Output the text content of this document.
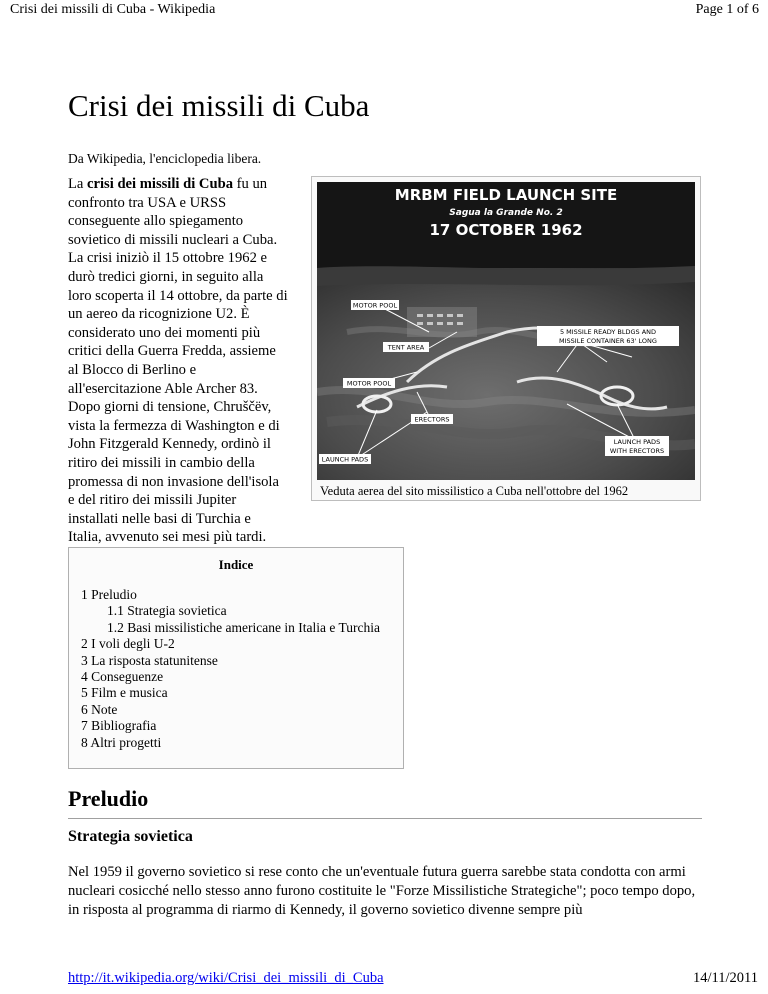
Crisi dei missili di Cuba - Wikipedia	Page 1 of 6
Crisi dei missili di Cuba
Da Wikipedia, l'enciclopedia libera.
La crisi dei missili di Cuba fu un confronto tra USA e URSS conseguente allo spiegamento sovietico di missili nucleari a Cuba. La crisi iniziò il 15 ottobre 1962 e durò tredici giorni, in seguito alla loro scoperta il 14 ottobre, da parte di un aereo da ricognizione U2. È considerato uno dei momenti più critici della Guerra Fredda, assieme al Blocco di Berlino e all'esercitazione Able Archer 83. Dopo giorni di tensione, Chruščëv, vista la fermezza di Washington e di John Fitzgerald Kennedy, ordinò il ritiro dei missili in cambio della promessa di non invasione dell'isola e del ritiro dei missili Jupiter installati nelle basi di Turchia e Italia, avvenuto sei mesi più tardi.
MRBM FIELD LAUNCH SITE
Sagua la Grande No. 2
17 OCTOBER 1962
MOTOR POOL
TENT AREA
MOTOR POOL
ERECTORS
LAUNCH PADS
5 MISSILE READY BLDGS AND
MISSILE CONTAINER 63' LONG
LAUNCH PADS
WITH ERECTORS
Veduta aerea del sito missilistico a Cuba nell'ottobre del 1962
Indice
1 Preludio
1.1 Strategia sovietica
1.2 Basi missilistiche americane in Italia e Turchia
2 I voli degli U-2
3 La risposta statunitense
4 Conseguenze
5 Film e musica
6 Note
7 Bibliografia
8 Altri progetti
Preludio
Strategia sovietica

Nel 1959 il governo sovietico si rese conto che un'eventuale futura guerra sarebbe stata condotta con armi nucleari cosicché nello stesso anno furono costituite le "Forze Missilistiche Strategiche"; poco tempo dopo, in risposta al programma di riarmo di Kennedy, il governo sovietico divenne sempre più

http://it.wikipedia.org/wiki/Crisi_dei_missili_di_Cuba	14/11/2011
